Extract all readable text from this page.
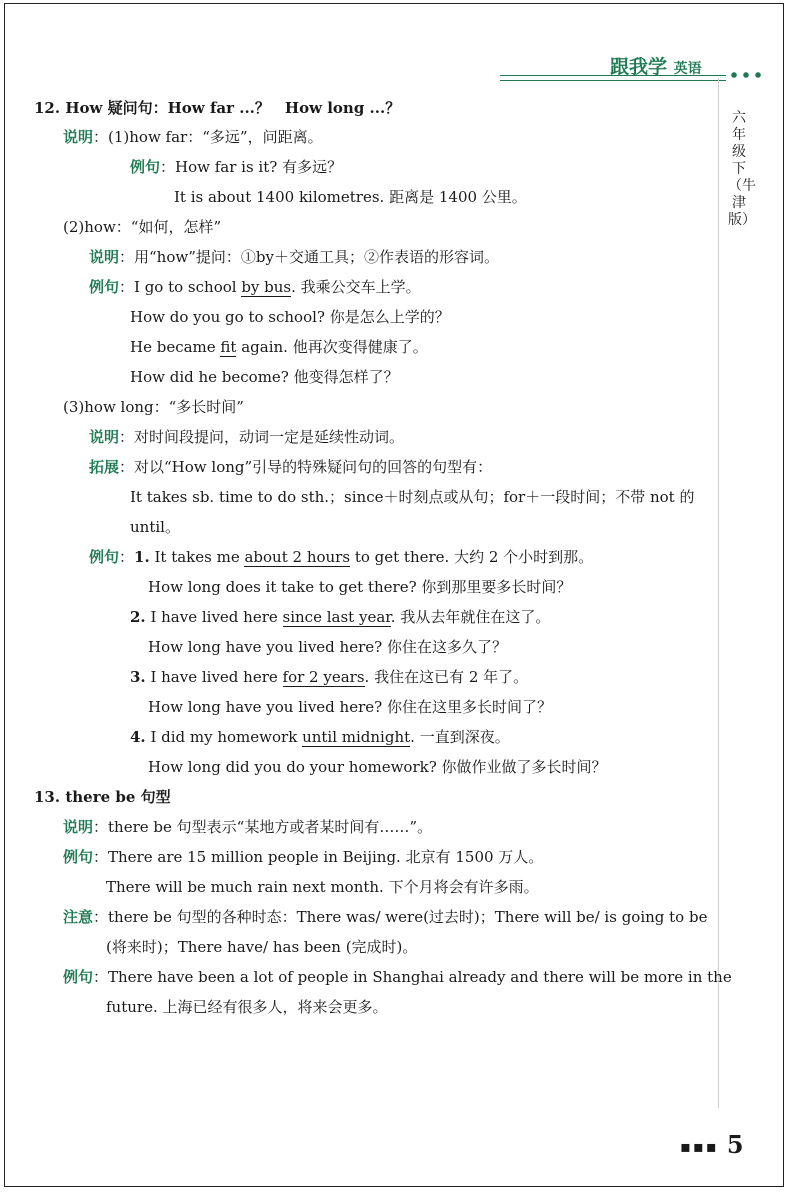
跟我学 英语
六年级下（牛津版）
12. How 疑问句：How far ...？　How long ...？
说明：(1)how far：“多远”，问距离。
例句：How far is it? 有多远？
It is about 1400 kilometres. 距离是 1400 公里。
(2)how：“如何，怎样”
说明：用“how”提问：①by＋交通工具；②作表语的形容词。
例句：I go to school by bus. 我乘公交车上学。
How do you go to school? 你是怎么上学的？
He became fit again. 他再次变得健康了。
How did he become? 他变得怎样了？
(3)how long：“多长时间”
说明：对时间段提问，动词一定是延续性动词。
拓展：对以“How long”引导的特殊疑问句的回答的句型有：
It takes sb. time to do sth.；since＋时刻点或从句；for＋一段时间；不带 not 的
until。
例句：1. It takes me about 2 hours to get there. 大约 2 个小时到那。
How long does it take to get there? 你到那里要多长时间？
2. I have lived here since last year. 我从去年就住在这了。
How long have you lived here? 你住在这多久了？
3. I have lived here for 2 years. 我住在这已有 2 年了。
How long have you lived here? 你住在这里多长时间了？
4. I did my homework until midnight. 一直到深夜。
How long did you do your homework? 你做作业做了多长时间？
13. there be 句型
说明：there be 句型表示“某地方或者某时间有……”。
例句：There are 15 million people in Beijing. 北京有 1500 万人。
There will be much rain next month. 下个月将会有许多雨。
注意：there be 句型的各种时态：There was/ were(过去时)；There will be/ is going to be
(将来时)；There have/ has been (完成时)。
例句：There have been a lot of people in Shanghai already and there will be more in the
future. 上海已经有很多人，将来会更多。
▪▪▪ 5
